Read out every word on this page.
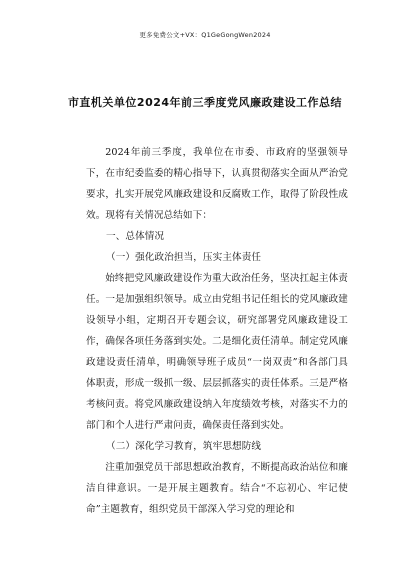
更多免费公文+VX：Q1GeGongWen2024
市直机关单位2024年前三季度党风廉政建设工作总结

2024年前三季度，我单位在市委、市政府的坚强领导下，在市纪委监委的精心指导下，认真贯彻落实全面从严治党要求，扎实开展党风廉政建设和反腐败工作，取得了阶段性成效。现将有关情况总结如下：

一、总体情况

（一）强化政治担当，压实主体责任

始终把党风廉政建设作为重大政治任务，坚决扛起主体责任。一是加强组织领导。成立由党组书记任组长的党风廉政建设领导小组，定期召开专题会议，研究部署党风廉政建设工作，确保各项任务落到实处。二是细化责任清单。制定党风廉政建设责任清单，明确领导班子成员“一岗双责”和各部门具体职责，形成一级抓一级、层层抓落实的责任体系。三是严格考核问责。将党风廉政建设纳入年度绩效考核，对落实不力的部门和个人进行严肃问责，确保责任落到实处。

（二）深化学习教育，筑牢思想防线

注重加强党员干部思想政治教育，不断提高政治站位和廉洁自律意识。一是开展主题教育。结合“不忘初心、牢记使命”主题教育，组织党员干部深入学习党的理论和
